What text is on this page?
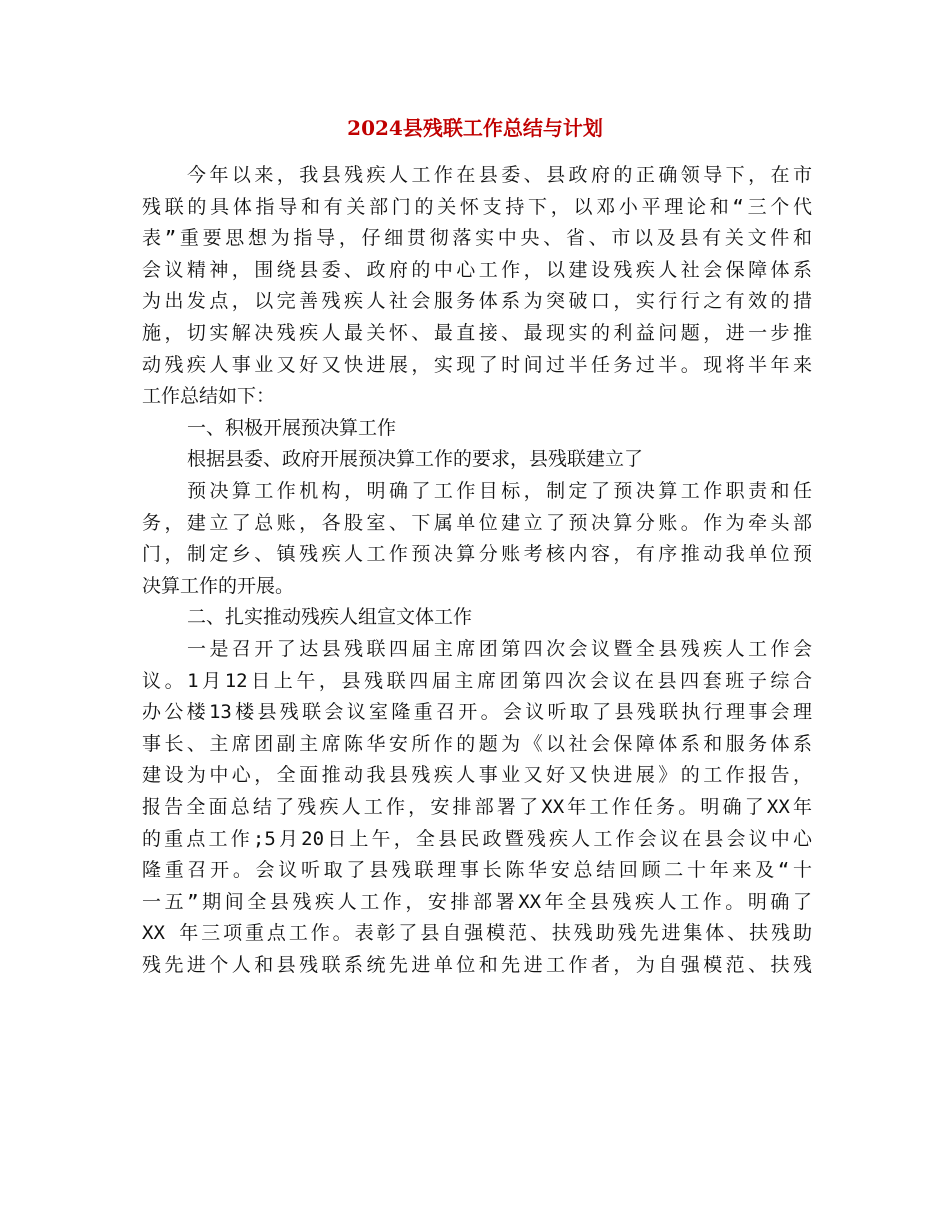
2024县残联工作总结与计划
今年以来，我县残疾人工作在县委、县政府的正确领导下，在市
残联的具体指导和有关部门的关怀支持下，以邓小平理论和“三个代
表”重要思想为指导，仔细贯彻落实中央、省、市以及县有关文件和
会议精神，围绕县委、政府的中心工作，以建设残疾人社会保障体系
为出发点，以完善残疾人社会服务体系为突破口，实行行之有效的措
施，切实解决残疾人最关怀、最直接、最现实的利益问题，进一步推
动残疾人事业又好又快进展，实现了时间过半任务过半。现将半年来
工作总结如下：
一、积极开展预决算工作
根据县委、政府开展预决算工作的要求，县残联建立了
预决算工作机构，明确了工作目标，制定了预决算工作职责和任
务，建立了总账，各股室、下属单位建立了预决算分账。作为牵头部
门，制定乡、镇残疾人工作预决算分账考核内容，有序推动我单位预
决算工作的开展。
二、扎实推动残疾人组宣文体工作
一是召开了达县残联四届主席团第四次会议暨全县残疾人工作会
议。1月12日上午，县残联四届主席团第四次会议在县四套班子综合
办公楼13楼县残联会议室隆重召开。会议听取了县残联执行理事会理
事长、主席团副主席陈华安所作的题为《以社会保障体系和服务体系
建设为中心，全面推动我县残疾人事业又好又快进展》的工作报告，
报告全面总结了残疾人工作，安排部署了XX年工作任务。明确了XX年
的重点工作;5月20日上午，全县民政暨残疾人工作会议在县会议中心
隆重召开。会议听取了县残联理事长陈华安总结回顾二十年来及“十
一五”期间全县残疾人工作，安排部署XX年全县残疾人工作。明确了
XX 年三项重点工作。表彰了县自强模范、扶残助残先进集体、扶残助
残先进个人和县残联系统先进单位和先进工作者，为自强模范、扶残
